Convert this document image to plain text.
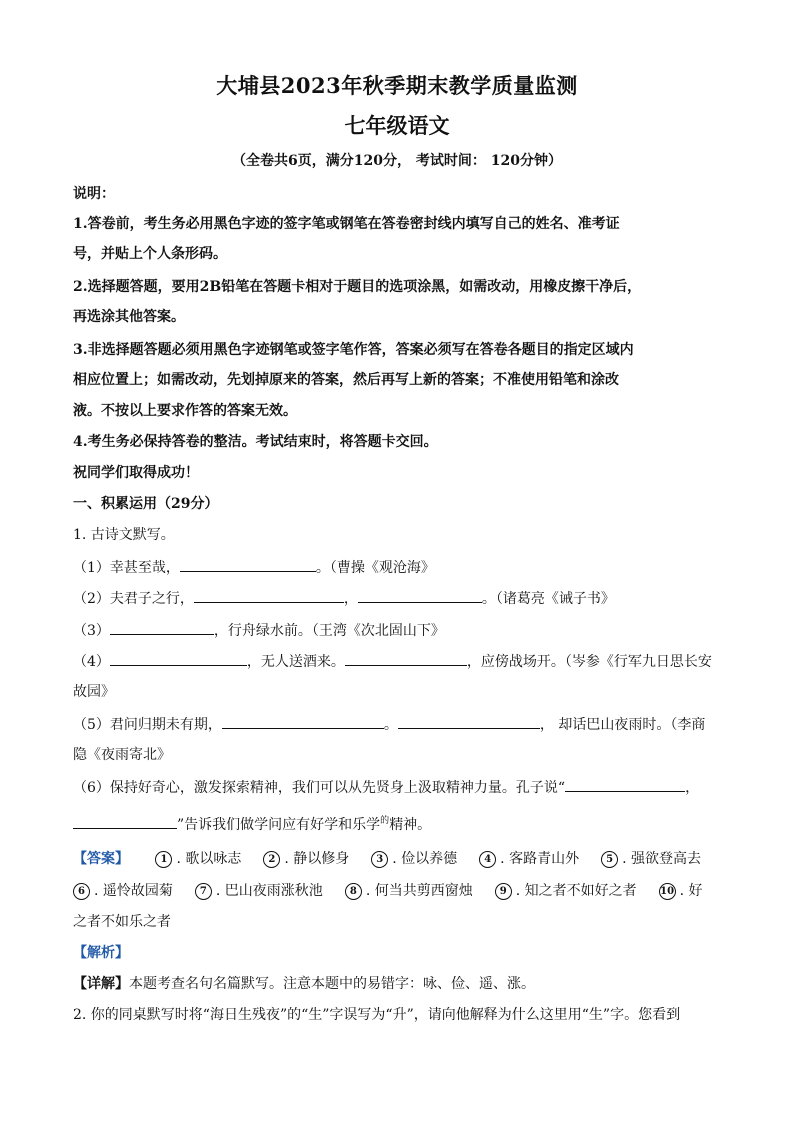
大埔县2023年秋季期末教学质量监测
七年级语文
（全卷共6页，满分120分， 考试时间： 120分钟）
说明：
1.答卷前，考生务必用黑色字迹的签字笔或钢笔在答卷密封线内填写自己的姓名、准考证
号，并贴上个人条形码。
2.选择题答题，要用2B铅笔在答题卡相对于题目的选项涂黑，如需改动，用橡皮擦干净后，
再选涂其他答案。
3.非选择题答题必须用黑色字迹钢笔或签字笔作答，答案必须写在答卷各题目的指定区域内
相应位置上；如需改动，先划掉原来的答案，然后再写上新的答案；不准使用铅笔和涂改
液。不按以上要求作答的答案无效。
4.考生务必保持答卷的整洁。考试结束时，将答题卡交回。
祝同学们取得成功！
一、积累运用（29分）
1. 古诗文默写。
（1）幸甚至哉，	。（曹操《观沧海》
（2）夫君子之行，	，	。（诸葛亮《诫子书》
（3）	，行舟绿水前。（王湾《次北固山下》
（4）	，无人送酒来。	，应傍战场开。（岑参《行军九日思长安
故园》
（5）君问归期未有期，	。	， 却话巴山夜雨时。（李商
隐《夜雨寄北》
（6）保持好奇心，激发探索精神，我们可以从先贤身上汲取精神力量。孔子说“	，
”告诉我们做学问应有好学和乐学$^的$精神。
【答案】	1 . 歌以咏志	2 . 静以修身	3 . 俭以养德	4 . 客路青山外	5 . 强欲登高去
6 . 遥怜故园菊	7 . 巴山夜雨涨秋池	8 . 何当共剪西窗烛	9 . 知之者不如好之者 10 . 好
之者不如乐之者
【解析】
【详解】本题考查名句名篇默写。注意本题中的易错字：咏、俭、遥、涨。
2. 你的同桌默写时将“海日生残夜”的“生”字误写为“升”，请向他解释为什么这里用“生”字。您看到
